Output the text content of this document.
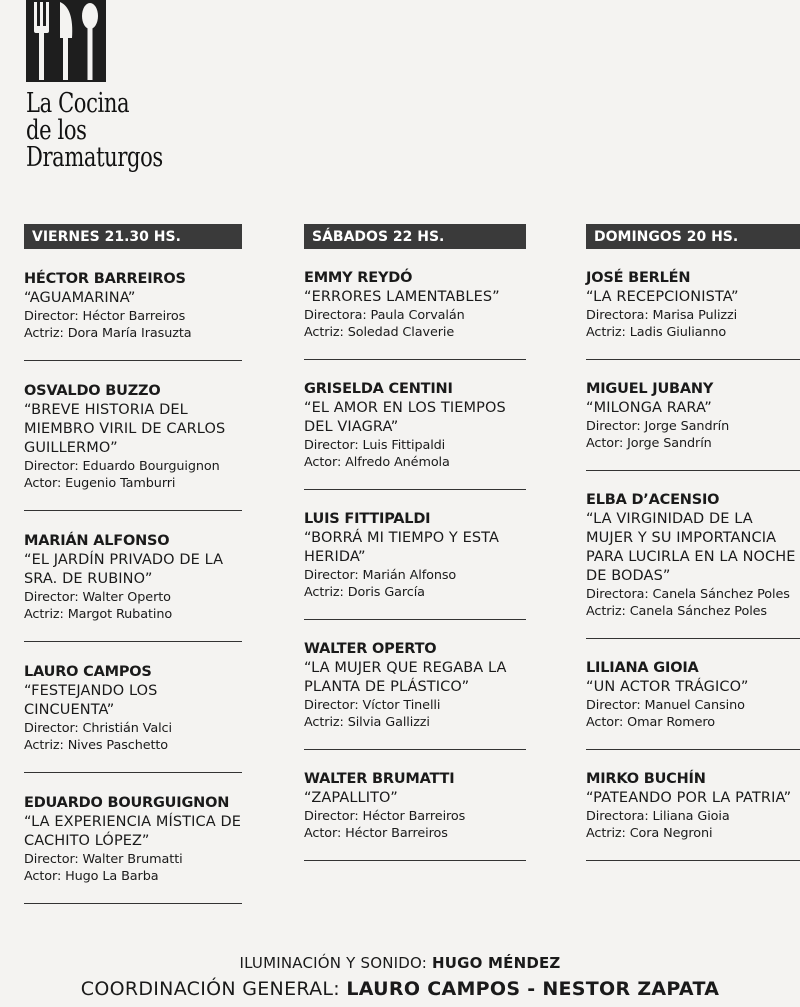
La Cocina
de los
Dramaturgos
VIERNES 21.30 HS.
HÉCTOR BARREIROS
“AGUAMARINA”
Director: Héctor Barreiros
Actriz: Dora María Irasuzta
OSVALDO BUZZO
“BREVE HISTORIA DEL MIEMBRO VIRIL DE CARLOS GUILLERMO”
Director: Eduardo Bourguignon
Actor: Eugenio Tamburri
MARIÁN ALFONSO
“EL JARDÍN PRIVADO DE LA SRA. DE RUBINO”
Director: Walter Operto
Actriz: Margot Rubatino
LAURO CAMPOS
“FESTEJANDO LOS CINCUENTA”
Director: Christián Valci
Actriz: Nives Paschetto
EDUARDO BOURGUIGNON
“LA EXPERIENCIA MÍSTICA DE CACHITO LÓPEZ”
Director: Walter Brumatti
Actor: Hugo La Barba
SÁBADOS 22 HS.
EMMY REYDÓ
“ERRORES LAMENTABLES”
Directora: Paula Corvalán
Actriz: Soledad Claverie
GRISELDA CENTINI
“EL AMOR EN LOS TIEMPOS DEL VIAGRA”
Director: Luis Fittipaldi
Actor: Alfredo Anémola
LUIS FITTIPALDI
“BORRÁ MI TIEMPO Y ESTA HERIDA”
Director: Marián Alfonso
Actriz: Doris García
WALTER OPERTO
“LA MUJER QUE REGABA LA PLANTA DE PLÁSTICO”
Director: Víctor Tinelli
Actriz: Silvia Gallizzi
WALTER BRUMATTI
“ZAPALLITO”
Director: Héctor Barreiros
Actor: Héctor Barreiros
DOMINGOS 20 HS.
JOSÉ BERLÉN
“LA RECEPCIONISTA”
Directora: Marisa Pulizzi
Actriz: Ladis Giulianno
MIGUEL JUBANY
“MILONGA RARA”
Director: Jorge Sandrín
Actor: Jorge Sandrín
ELBA D’ACENSIO
“LA VIRGINIDAD DE LA MUJER Y SU IMPORTANCIA PARA LUCIRLA EN LA NOCHE DE BODAS”
Directora: Canela Sánchez Poles
Actriz: Canela Sánchez Poles
LILIANA GIOIA
“UN ACTOR TRÁGICO”
Director: Manuel Cansino
Actor: Omar Romero
MIRKO BUCHÍN
“PATEANDO POR LA PATRIA”
Directora: Liliana Gioia
Actriz: Cora Negroni
ILUMINACIÓN Y SONIDO: HUGO MÉNDEZ
COORDINACIÓN GENERAL: LAURO CAMPOS - NESTOR ZAPATA
